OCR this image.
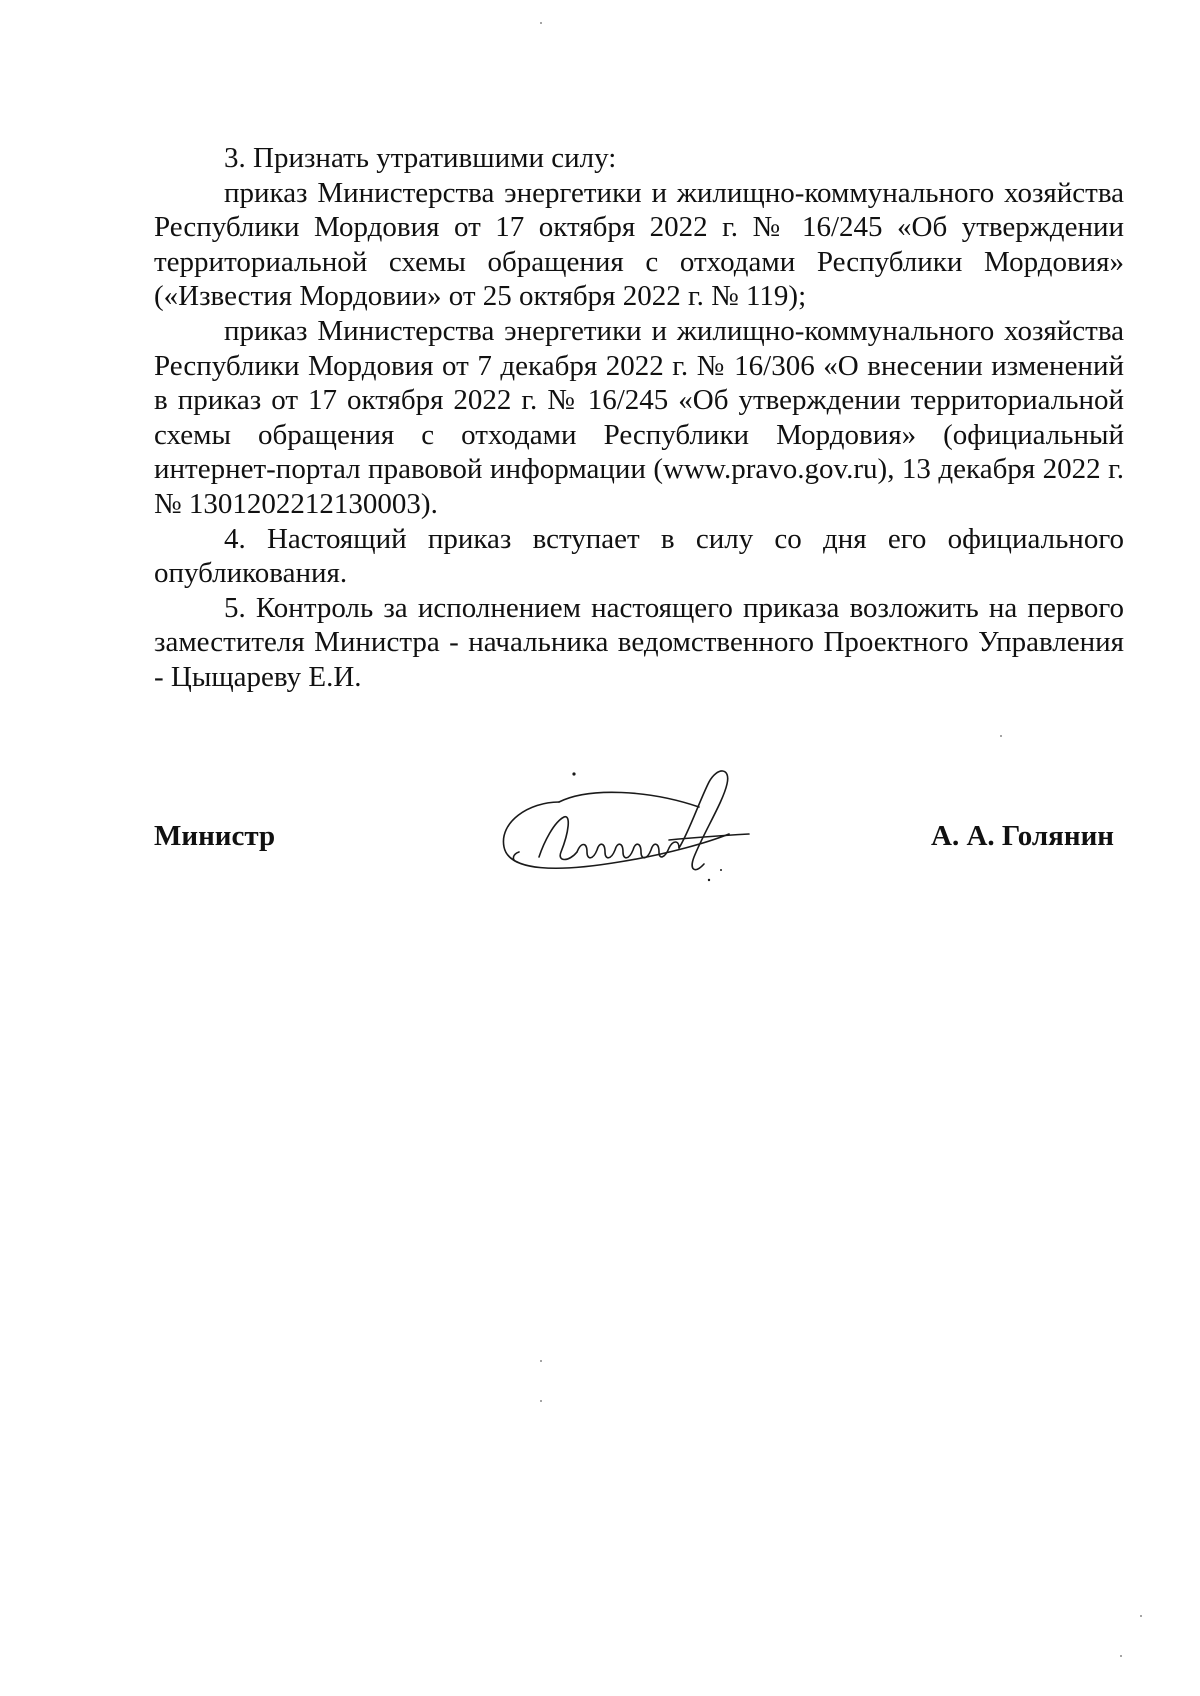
3. Признать утратившими силу:

приказ Министерства энергетики и жилищно-коммунального хозяйства Республики Мордовия от 17 октября 2022 г. № 16/245 «Об утверждении территориальной схемы обращения с отходами Республики Мордовия» («Известия Мордовии» от 25 октября 2022 г. № 119);

приказ Министерства энергетики и жилищно-коммунального хозяйства Республики Мордовия от 7 декабря 2022 г. № 16/306 «О внесении изменений в приказ от 17 октября 2022 г. № 16/245 «Об утверждении территориальной схемы обращения с отходами Республики Мордовия» (официальный интернет-портал правовой информации (www.pravo.gov.ru), 13 декабря 2022 г. № 1301202212130003).

4. Настоящий приказ вступает в силу со дня его официального опубликования.

5. Контроль за исполнением настоящего приказа возложить на первого заместителя Министра - начальника ведомственного Проектного Управления - Цыщареву Е.И.

Министр	А. А. Голянин
